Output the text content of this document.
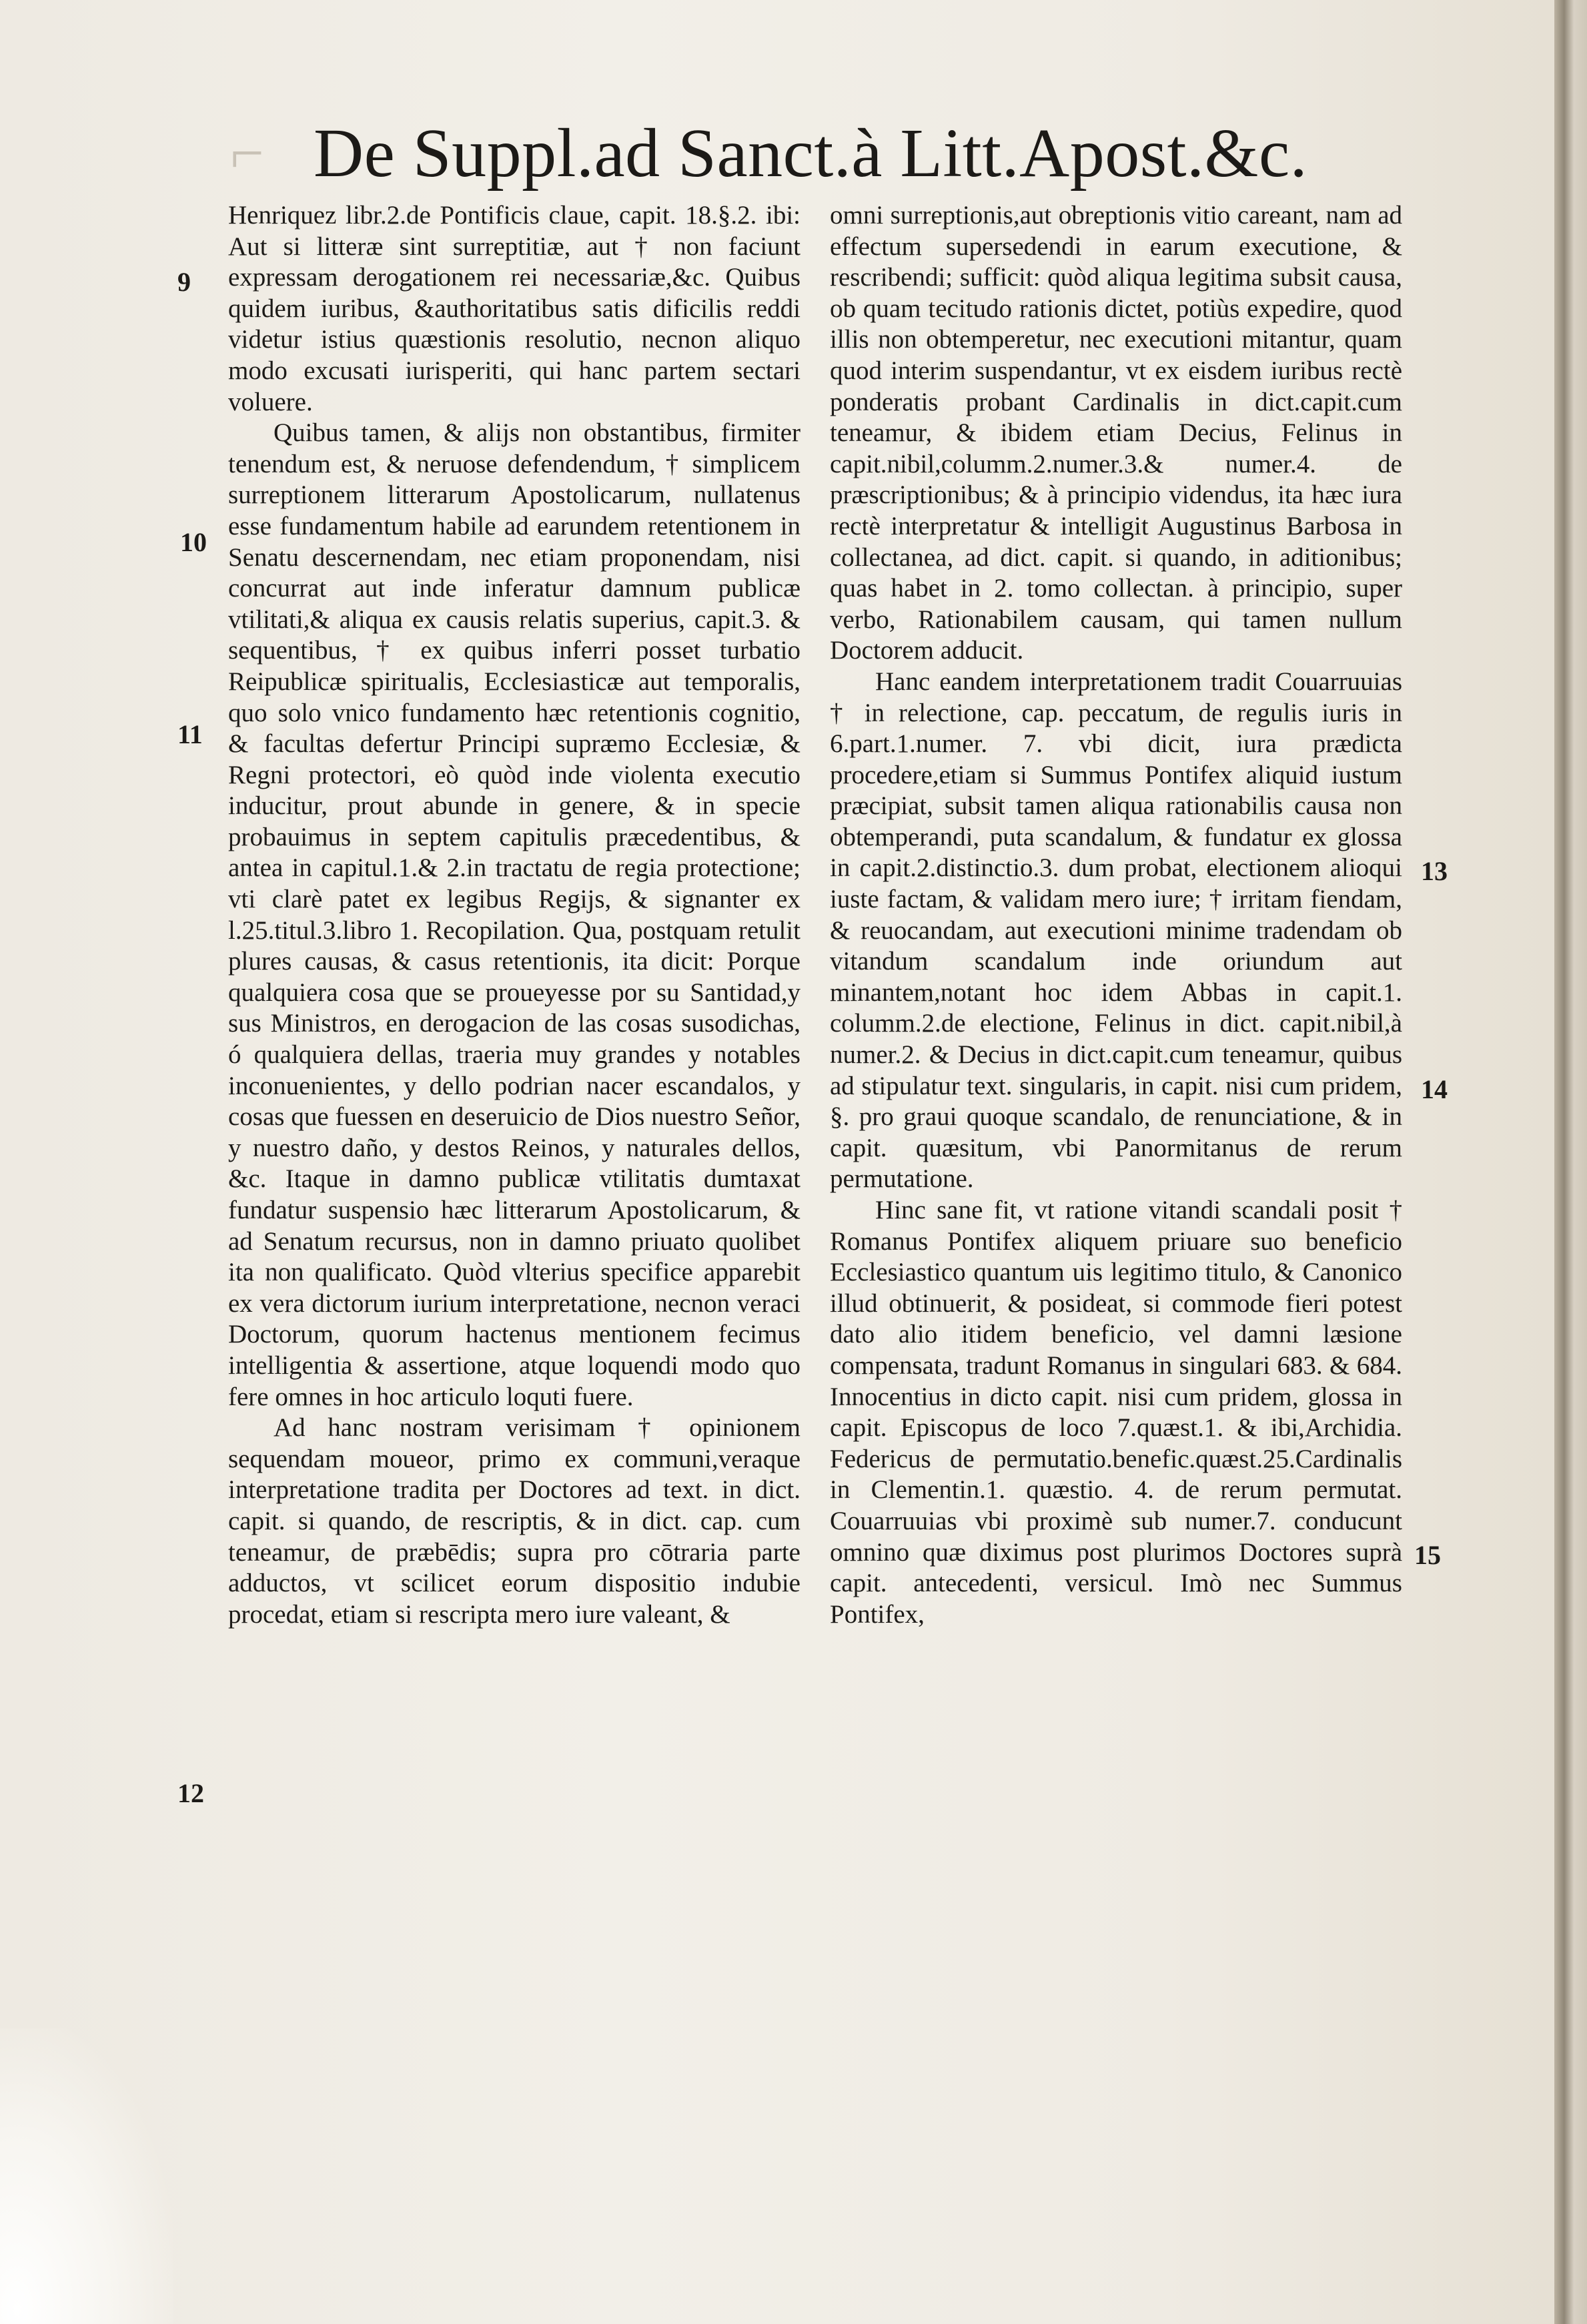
⌐ De Suppl.ad Sanct.à Litt.Apost.&c.

Henriquez libr.2.de Pontificis claue, capit. 18.§.2. ibi: Aut si litteræ sint surreptitiæ, aut † non faciunt expressam derogationem rei necessariæ,&c. Quibus quidem iuribus, &authoritatibus satis dificilis reddi videtur istius quæstionis resolutio, necnon aliquo modo excusati iurisperiti, qui hanc partem sectari voluere.

Quibus tamen, & alijs non obstantibus, firmiter tenendum est, & neruose defendendum, † simplicem surreptionem litterarum Apostolicarum, nullatenus esse fundamentum habile ad earundem retentionem in Senatu descernendam, nec etiam proponendam, nisi concurrat aut inde inferatur damnum publicæ vtilitati,& aliqua ex causis relatis superius, capit.3. & sequentibus, † ex quibus inferri posset turbatio Reipublicæ spiritualis, Ecclesiasticæ aut temporalis, quo solo vnico fundamento hæc retentionis cognitio, & facultas defertur Principi supræmo Ecclesiæ, & Regni protectori, eò quòd inde violenta executio inducitur, prout abunde in genere, & in specie probauimus in septem capitulis præcedentibus, & antea in capitul.1.& 2.in tractatu de regia protectione; vti clarè patet ex legibus Regijs, & signanter ex l.25.titul.3.libro 1. Recopilation. Qua, postquam retulit plures causas, & casus retentionis, ita dicit: Porque qualquiera cosa que se proueyesse por su Santidad,y sus Ministros, en derogacion de las cosas susodichas, ó qualquiera dellas, traeria muy grandes y notables inconuenientes, y dello podrian nacer escandalos, y cosas que fuessen en deseruicio de Dios nuestro Señor, y nuestro daño, y destos Reinos, y naturales dellos, &c. Itaque in damno publicæ vtilitatis dumtaxat fundatur suspensio hæc litterarum Apostolicarum, & ad Senatum recursus, non in damno priuato quolibet ita non qualificato. Quòd vlterius specifice apparebit ex vera dictorum iurium interpretatione, necnon veraci Doctorum, quorum hactenus mentionem fecimus intelligentia & assertione, atque loquendi modo quo fere omnes in hoc articulo loquti fuere.

Ad hanc nostram verisimam † opinionem sequendam moueor, primo ex communi,veraque interpretatione tradita per Doctores ad text. in dict. capit. si quando, de rescriptis, & in dict. cap. cum teneamur, de præbēdis; supra pro cōtraria parte adductos, vt scilicet eorum dispositio indubie procedat, etiam si rescripta mero iure valeant, &

omni surreptionis,aut obreptionis vitio careant, nam ad effectum supersedendi in earum executione, & rescribendi; sufficit: quòd aliqua legitima subsit causa, ob quam tecitudo rationis dictet, potiùs expedire, quod illis non obtemperetur, nec executioni mitantur, quam quod interim suspendantur, vt ex eisdem iuribus rectè ponderatis probant Cardinalis in dict.capit.cum teneamur, & ibidem etiam Decius, Felinus in capit.nibil,columm.2.numer.3.& numer.4. de præscriptionibus; & à principio videndus, ita hæc iura rectè interpretatur & intelligit Augustinus Barbosa in collectanea, ad dict. capit. si quando, in aditionibus; quas habet in 2. tomo collectan. à principio, super verbo, Rationabilem causam, qui tamen nullum Doctorem adducit.

Hanc eandem interpretationem tradit Couarruuias † in relectione, cap. peccatum, de regulis iuris in 6.part.1.numer. 7. vbi dicit, iura prædicta procedere,etiam si Summus Pontifex aliquid iustum præcipiat, subsit tamen aliqua rationabilis causa non obtemperandi, puta scandalum, & fundatur ex glossa in capit.2.distinctio.3. dum probat, electionem alioqui iuste factam, & validam mero iure; † irritam fiendam, & reuocandam, aut executioni minime tradendam ob vitandum scandalum inde oriundum aut minantem,notant hoc idem Abbas in capit.1. columm.2.de electione, Felinus in dict. capit.nibil,à numer.2. & Decius in dict.capit.cum teneamur, quibus ad stipulatur text. singularis, in capit. nisi cum pridem, §. pro graui quoque scandalo, de renunciatione, & in capit. quæsitum, vbi Panormitanus de rerum permutatione.

Hinc sane fit, vt ratione vitandi scandali posit † Romanus Pontifex aliquem priuare suo beneficio Ecclesiastico quantum uis legitimo titulo, & Canonico illud obtinuerit, & posideat, si commode fieri potest dato alio itidem beneficio, vel damni læsione compensata, tradunt Romanus in singulari 683. & 684. Innocentius in dicto capit. nisi cum pridem, glossa in capit. Episcopus de loco 7.quæst.1. & ibi,Archidia. Federicus de permutatio.benefic.quæst.25.Cardinalis in Clementin.1. quæstio. 4. de rerum permutat. Couarruuias vbi proximè sub numer.7. conducunt omnino quæ diximus post plurimos Doctores suprà capit. antecedenti, versicul. Imò nec Summus Pontifex,

9
10
11
12
13
14
15
